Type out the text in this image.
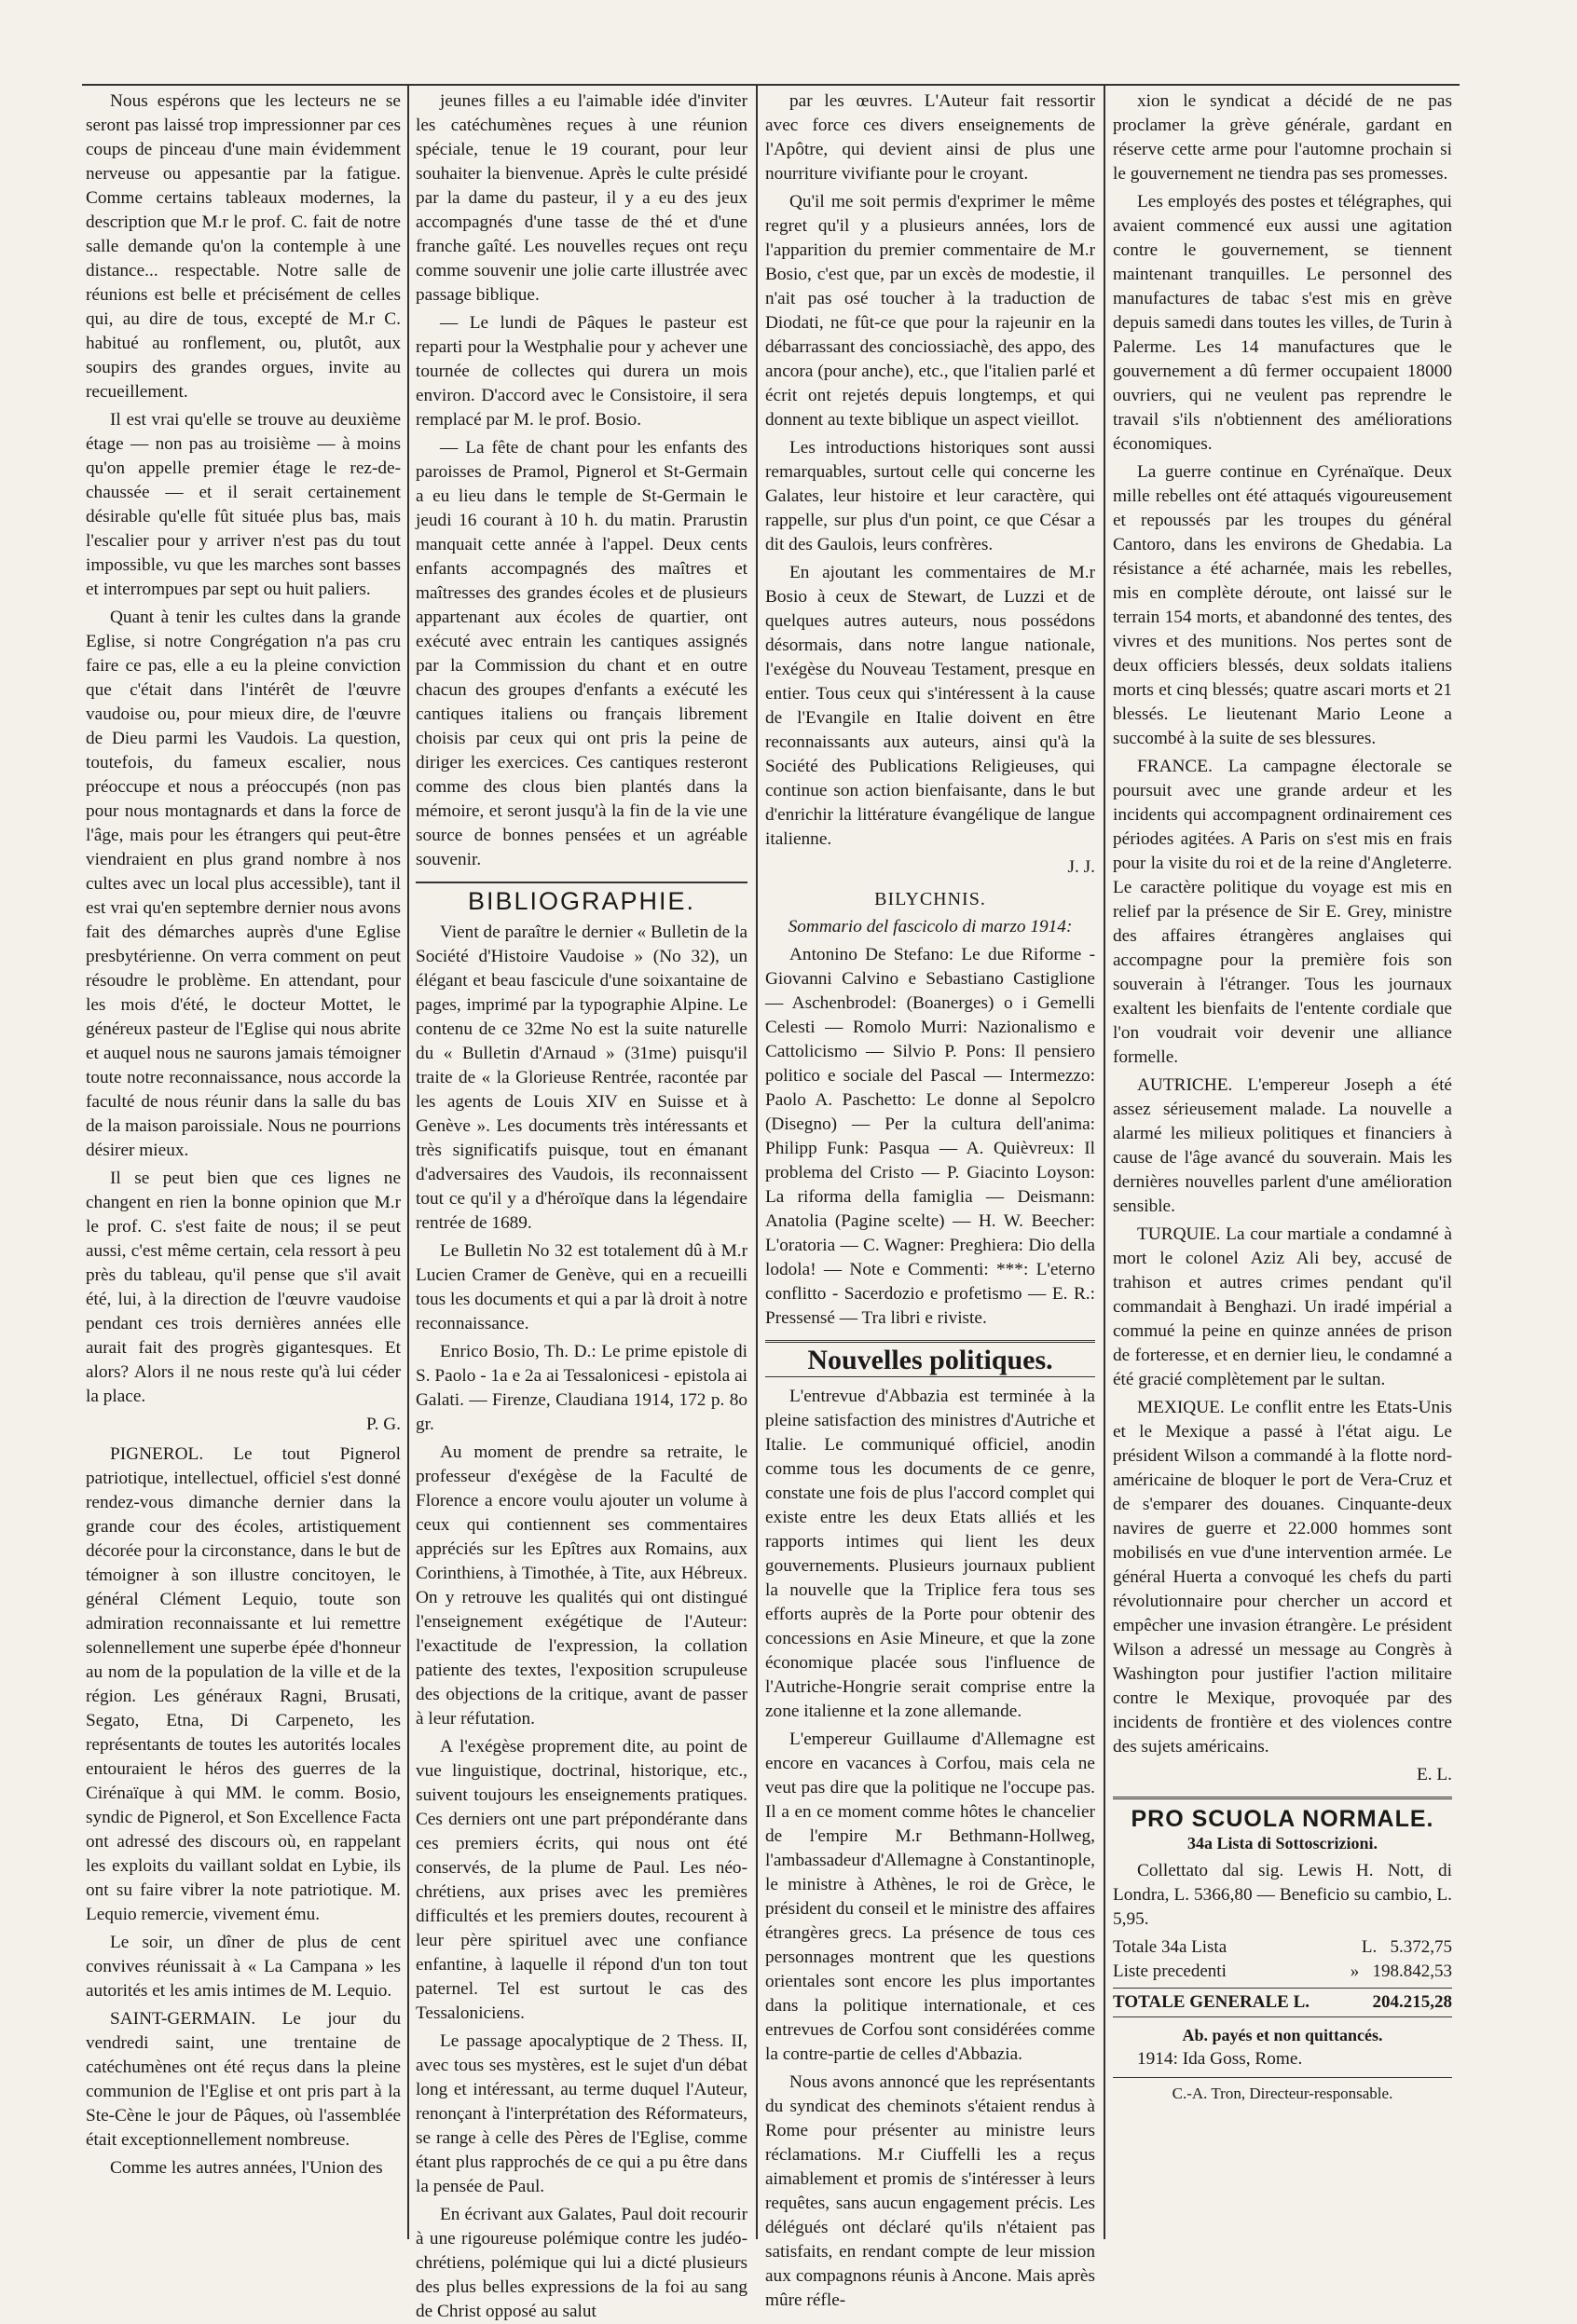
Nous espérons que les lecteurs ne se seront pas laissé trop impressionner par ces coups de pinceau d'une main évidemment nerveuse ou appesantie par la fatigue. Comme certains tableaux modernes, la description que M.r le prof. C. fait de notre salle demande qu'on la contemple à une distance... respectable. Notre salle de réunions est belle et précisément de celles qui, au dire de tous, excepté de M.r C. habitué au ronflement, ou, plutôt, aux soupirs des grandes orgues, invite au recueillement.

Il est vrai qu'elle se trouve au deuxième étage — non pas au troisième — à moins qu'on appelle premier étage le rez-de-chaussée — et il serait certainement désirable qu'elle fût située plus bas, mais l'escalier pour y arriver n'est pas du tout impossible, vu que les marches sont basses et interrompues par sept ou huit paliers.

Quant à tenir les cultes dans la grande Eglise, si notre Congrégation n'a pas cru faire ce pas, elle a eu la pleine conviction que c'était dans l'intérêt de l'œuvre vaudoise ou, pour mieux dire, de l'œuvre de Dieu parmi les Vaudois. La question, toutefois, du fameux escalier, nous préoccupe et nous a préoccupés (non pas pour nous montagnards et dans la force de l'âge, mais pour les étrangers qui peut-être viendraient en plus grand nombre à nos cultes avec un local plus accessible), tant il est vrai qu'en septembre dernier nous avons fait des démarches auprès d'une Eglise presbytérienne. On verra comment on peut résoudre le problème. En attendant, pour les mois d'été, le docteur Mottet, le généreux pasteur de l'Eglise qui nous abrite et auquel nous ne saurons jamais témoigner toute notre reconnaissance, nous accorde la faculté de nous réunir dans la salle du bas de la maison paroissiale. Nous ne pourrions désirer mieux.

Il se peut bien que ces lignes ne changent en rien la bonne opinion que M.r le prof. C. s'est faite de nous; il se peut aussi, c'est même certain, cela ressort à peu près du tableau, qu'il pense que s'il avait été, lui, à la direction de l'œuvre vaudoise pendant ces trois dernières années elle aurait fait des progrès gigantesques. Et alors? Alors il ne nous reste qu'à lui céder la place.

P. G.

PIGNEROL. Le tout Pignerol patriotique, intellectuel, officiel s'est donné rendez-vous dimanche dernier dans la grande cour des écoles, artistiquement décorée pour la circonstance, dans le but de témoigner à son illustre concitoyen, le général Clément Lequio, toute son admiration reconnaissante et lui remettre solennellement une superbe épée d'honneur au nom de la population de la ville et de la région. Les généraux Ragni, Brusati, Segato, Etna, Di Carpeneto, les représentants de toutes les autorités locales entouraient le héros des guerres de la Cirénaïque à qui MM. le comm. Bosio, syndic de Pignerol, et Son Excellence Facta ont adressé des discours où, en rappelant les exploits du vaillant soldat en Lybie, ils ont su faire vibrer la note patriotique. M. Lequio remercie, vivement ému.

Le soir, un dîner de plus de cent convives réunissait à « La Campana » les autorités et les amis intimes de M. Lequio.

SAINT-GERMAIN. Le jour du vendredi saint, une trentaine de catéchumènes ont été reçus dans la pleine communion de l'Eglise et ont pris part à la Ste-Cène le jour de Pâques, où l'assemblée était exceptionnellement nombreuse.

Comme les autres années, l'Union des

jeunes filles a eu l'aimable idée d'inviter les catéchumènes reçues à une réunion spéciale, tenue le 19 courant, pour leur souhaiter la bienvenue. Après le culte présidé par la dame du pasteur, il y a eu des jeux accompagnés d'une tasse de thé et d'une franche gaîté. Les nouvelles reçues ont reçu comme souvenir une jolie carte illustrée avec passage biblique.

— Le lundi de Pâques le pasteur est reparti pour la Westphalie pour y achever une tournée de collectes qui durera un mois environ. D'accord avec le Consistoire, il sera remplacé par M. le prof. Bosio.

— La fête de chant pour les enfants des paroisses de Pramol, Pignerol et St-Germain a eu lieu dans le temple de St-Germain le jeudi 16 courant à 10 h. du matin. Prarustin manquait cette année à l'appel. Deux cents enfants accompagnés des maîtres et maîtresses des grandes écoles et de plusieurs appartenant aux écoles de quartier, ont exécuté avec entrain les cantiques assignés par la Commission du chant et en outre chacun des groupes d'enfants a exécuté les cantiques italiens ou français librement choisis par ceux qui ont pris la peine de diriger les exercices. Ces cantiques resteront comme des clous bien plantés dans la mémoire, et seront jusqu'à la fin de la vie une source de bonnes pensées et un agréable souvenir.

BIBLIOGRAPHIE.

Vient de paraître le dernier « Bulletin de la Société d'Histoire Vaudoise » (No 32), un élégant et beau fascicule d'une soixantaine de pages, imprimé par la typographie Alpine. Le contenu de ce 32me No est la suite naturelle du « Bulletin d'Arnaud » (31me) puisqu'il traite de « la Glorieuse Rentrée, racontée par les agents de Louis XIV en Suisse et à Genève ». Les documents très intéressants et très significatifs puisque, tout en émanant d'adversaires des Vaudois, ils reconnaissent tout ce qu'il y a d'héroïque dans la légendaire rentrée de 1689.

Le Bulletin No 32 est totalement dû à M.r Lucien Cramer de Genève, qui en a recueilli tous les documents et qui a par là droit à notre reconnaissance.

Enrico Bosio, Th. D.: Le prime epistole di S. Paolo - 1a e 2a ai Tessalonicesi - epistola ai Galati. — Firenze, Claudiana 1914, 172 p. 8o gr.

Au moment de prendre sa retraite, le professeur d'exégèse de la Faculté de Florence a encore voulu ajouter un volume à ceux qui contiennent ses commentaires appréciés sur les Epîtres aux Romains, aux Corinthiens, à Timothée, à Tite, aux Hébreux. On y retrouve les qualités qui ont distingué l'enseignement exégétique de l'Auteur: l'exactitude de l'expression, la collation patiente des textes, l'exposition scrupuleuse des objections de la critique, avant de passer à leur réfutation.

A l'exégèse proprement dite, au point de vue linguistique, doctrinal, historique, etc., suivent toujours les enseignements pratiques. Ces derniers ont une part prépondérante dans ces premiers écrits, qui nous ont été conservés, de la plume de Paul. Les néo-chrétiens, aux prises avec les premières difficultés et les premiers doutes, recourent à leur père spirituel avec une confiance enfantine, à laquelle il répond d'un ton tout paternel. Tel est surtout le cas des Tessaloniciens.

Le passage apocalyptique de 2 Thess. II, avec tous ses mystères, est le sujet d'un débat long et intéressant, au terme duquel l'Auteur, renonçant à l'interprétation des Réformateurs, se range à celle des Pères de l'Eglise, comme étant plus rapprochés de ce qui a pu être dans la pensée de Paul.

En écrivant aux Galates, Paul doit recourir à une rigoureuse polémique contre les judéo-chrétiens, polémique qui lui a dicté plusieurs des plus belles expressions de la foi au sang de Christ opposé au salut

par les œuvres. L'Auteur fait ressortir avec force ces divers enseignements de l'Apôtre, qui devient ainsi de plus une nourriture vivifiante pour le croyant.

Qu'il me soit permis d'exprimer le même regret qu'il y a plusieurs années, lors de l'apparition du premier commentaire de M.r Bosio, c'est que, par un excès de modestie, il n'ait pas osé toucher à la traduction de Diodati, ne fût-ce que pour la rajeunir en la débarrassant des conciossiachè, des appo, des ancora (pour anche), etc., que l'italien parlé et écrit ont rejetés depuis longtemps, et qui donnent au texte biblique un aspect vieillot.

Les introductions historiques sont aussi remarquables, surtout celle qui concerne les Galates, leur histoire et leur caractère, qui rappelle, sur plus d'un point, ce que César a dit des Gaulois, leurs confrères.

En ajoutant les commentaires de M.r Bosio à ceux de Stewart, de Luzzi et de quelques autres auteurs, nous possédons désormais, dans notre langue nationale, l'exégèse du Nouveau Testament, presque en entier. Tous ceux qui s'intéressent à la cause de l'Evangile en Italie doivent en être reconnaissants aux auteurs, ainsi qu'à la Société des Publications Religieuses, qui continue son action bienfaisante, dans le but d'enrichir la littérature évangélique de langue italienne.

J. J.
BILYCHNIS.
Sommario del fascicolo di marzo 1914:

Antonino De Stefano: Le due Riforme - Giovanni Calvino e Sebastiano Castiglione — Aschenbrodel: (Boanerges) o i Gemelli Celesti — Romolo Murri: Nazionalismo e Cattolicismo — Silvio P. Pons: Il pensiero politico e sociale del Pascal — Intermezzo: Paolo A. Paschetto: Le donne al Sepolcro (Disegno) — Per la cultura dell'anima: Philipp Funk: Pasqua — A. Quièvreux: Il problema del Cristo — P. Giacinto Loyson: La riforma della famiglia — Deismann: Anatolia (Pagine scelte) — H. W. Beecher: L'oratoria — C. Wagner: Preghiera: Dio della lodola! — Note e Commenti: ***: L'eterno conflitto - Sacerdozio e profetismo — E. R.: Pressensé — Tra libri e riviste.

Nouvelles politiques.

L'entrevue d'Abbazia est terminée à la pleine satisfaction des ministres d'Autriche et Italie. Le communiqué officiel, anodin comme tous les documents de ce genre, constate une fois de plus l'accord complet qui existe entre les deux Etats alliés et les rapports intimes qui lient les deux gouvernements. Plusieurs journaux publient la nouvelle que la Triplice fera tous ses efforts auprès de la Porte pour obtenir des concessions en Asie Mineure, et que la zone économique placée sous l'influence de l'Autriche-Hongrie serait comprise entre la zone italienne et la zone allemande.

L'empereur Guillaume d'Allemagne est encore en vacances à Corfou, mais cela ne veut pas dire que la politique ne l'occupe pas. Il a en ce moment comme hôtes le chancelier de l'empire M.r Bethmann-Hollweg, l'ambassadeur d'Allemagne à Constantinople, le ministre à Athènes, le roi de Grèce, le président du conseil et le ministre des affaires étrangères grecs. La présence de tous ces personnages montrent que les questions orientales sont encore les plus importantes dans la politique internationale, et ces entrevues de Corfou sont considérées comme la contre-partie de celles d'Abbazia.

Nous avons annoncé que les représentants du syndicat des cheminots s'étaient rendus à Rome pour présenter au ministre leurs réclamations. M.r Ciuffelli les a reçus aimablement et promis de s'intéresser à leurs requêtes, sans aucun engagement précis. Les délégués ont déclaré qu'ils n'étaient pas satisfaits, en rendant compte de leur mission aux compagnons réunis à Ancone. Mais après mûre réfle-

xion le syndicat a décidé de ne pas proclamer la grève générale, gardant en réserve cette arme pour l'automne prochain si le gouvernement ne tiendra pas ses promesses.

Les employés des postes et télégraphes, qui avaient commencé eux aussi une agitation contre le gouvernement, se tiennent maintenant tranquilles. Le personnel des manufactures de tabac s'est mis en grève depuis samedi dans toutes les villes, de Turin à Palerme. Les 14 manufactures que le gouvernement a dû fermer occupaient 18000 ouvriers, qui ne veulent pas reprendre le travail s'ils n'obtiennent des améliorations économiques.

La guerre continue en Cyrénaïque. Deux mille rebelles ont été attaqués vigoureusement et repoussés par les troupes du général Cantoro, dans les environs de Ghedabia. La résistance a été acharnée, mais les rebelles, mis en complète déroute, ont laissé sur le terrain 154 morts, et abandonné des tentes, des vivres et des munitions. Nos pertes sont de deux officiers blessés, deux soldats italiens morts et cinq blessés; quatre ascari morts et 21 blessés. Le lieutenant Mario Leone a succombé à la suite de ses blessures.

FRANCE. La campagne électorale se poursuit avec une grande ardeur et les incidents qui accompagnent ordinairement ces périodes agitées. A Paris on s'est mis en frais pour la visite du roi et de la reine d'Angleterre. Le caractère politique du voyage est mis en relief par la présence de Sir E. Grey, ministre des affaires étrangères anglaises qui accompagne pour la première fois son souverain à l'étranger. Tous les journaux exaltent les bienfaits de l'entente cordiale que l'on voudrait voir devenir une alliance formelle.

AUTRICHE. L'empereur Joseph a été assez sérieusement malade. La nouvelle a alarmé les milieux politiques et financiers à cause de l'âge avancé du souverain. Mais les dernières nouvelles parlent d'une amélioration sensible.

TURQUIE. La cour martiale a condamné à mort le colonel Aziz Ali bey, accusé de trahison et autres crimes pendant qu'il commandait à Benghazi. Un iradé impérial a commué la peine en quinze années de prison de forteresse, et en dernier lieu, le condamné a été gracié complètement par le sultan.

MEXIQUE. Le conflit entre les Etats-Unis et le Mexique a passé à l'état aigu. Le président Wilson a commandé à la flotte nord-américaine de bloquer le port de Vera-Cruz et de s'emparer des douanes. Cinquante-deux navires de guerre et 22.000 hommes sont mobilisés en vue d'une intervention armée. Le général Huerta a convoqué les chefs du parti révolutionnaire pour chercher un accord et empêcher une invasion étrangère. Le président Wilson a adressé un message au Congrès à Washington pour justifier l'action militaire contre le Mexique, provoquée par des incidents de frontière et des violences contre des sujets américains.

E. L.
PRO SCUOLA NORMALE.
34a Lista di Sottoscrizioni.
Collettato dal sig. Lewis H. Nott, di Londra, L. 5366,80 — Beneficio su cambio, L. 5,95.
Totale 34a Lista	L. 5.372,75
Liste precedenti	» 198.842,53
TOTALE GENERALE L.	204.215,28
Ab. payés et non quittancés.
1914: Ida Goss, Rome.
C.-A. Tron, Directeur-responsable.
